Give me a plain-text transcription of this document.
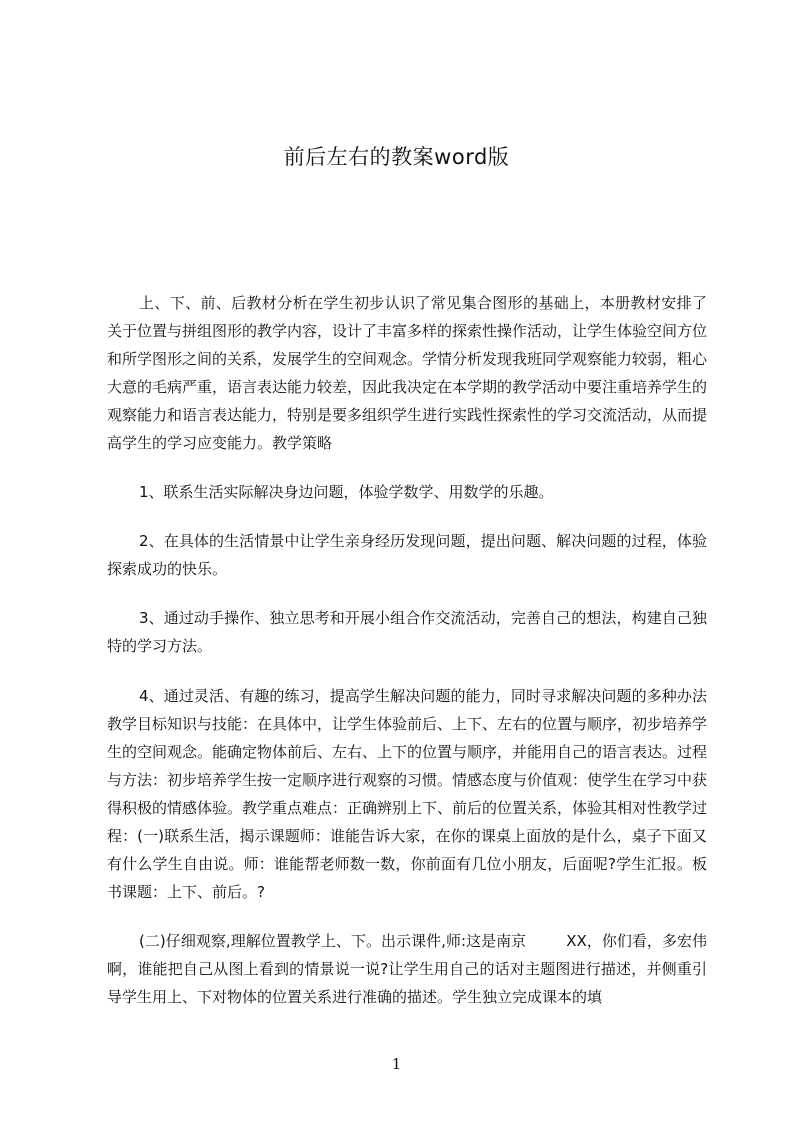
前后左右的教案word版

上、下、前、后教材分析在学生初步认识了常见集合图形的基础上，本册教材安排了关于位置与拼组图形的教学内容，设计了丰富多样的探索性操作活动，让学生体验空间方位和所学图形之间的关系，发展学生的空间观念。学情分析发现我班同学观察能力较弱，粗心大意的毛病严重，语言表达能力较差，因此我决定在本学期的教学活动中要注重培养学生的观察能力和语言表达能力，特别是要多组织学生进行实践性探索性的学习交流活动，从而提高学生的学习应变能力。教学策略

1、联系生活实际解决身边问题，体验学数学、用数学的乐趣。

2、在具体的生活情景中让学生亲身经历发现问题，提出问题、解决问题的过程，体验探索成功的快乐。

3、通过动手操作、独立思考和开展小组合作交流活动，完善自己的想法，构建自己独特的学习方法。

4、通过灵活、有趣的练习，提高学生解决问题的能力，同时寻求解决问题的多种办法教学目标知识与技能：在具体中，让学生体验前后、上下、左右的位置与顺序，初步培养学生的空间观念。能确定物体前后、左右、上下的位置与顺序，并能用自己的语言表达。过程与方法：初步培养学生按一定顺序进行观察的习惯。情感态度与价值观：使学生在学习中获得积极的情感体验。教学重点难点：正确辨别上下、前后的位置关系，体验其相对性教学过程：(一)联系生活，揭示课题师：谁能告诉大家，在你的课桌上面放的是什么，桌子下面又有什么学生自由说。师：谁能帮老师数一数，你前面有几位小朋友，后面呢?学生汇报。板书课题：上下、前后。?

(二)仔细观察,理解位置教学上、下。出示课件,师:这是南京	XX，你们看，多宏伟啊，谁能把自己从图上看到的情景说一说?让学生用自己的话对主题图进行描述，并侧重引导学生用上、下对物体的位置关系进行准确的描述。学生独立完成课本的填

1
